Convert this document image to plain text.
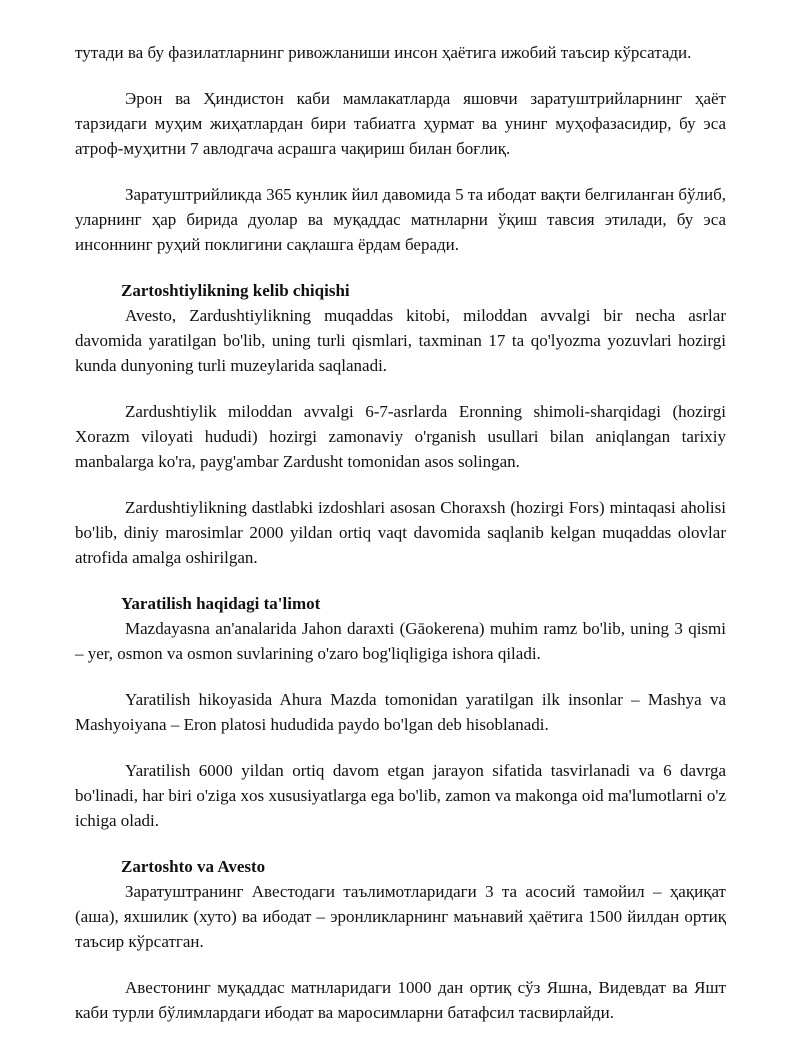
тутади ва бу фазилатларнинг ривожланиши инсон ҳаётига ижобий таъсир кўрсатади.

Эрон ва Ҳиндистон каби мамлакатларда яшовчи заратуштрийларнинг ҳаёт тарзидаги муҳим жиҳатлардан бири табиатга ҳурмат ва унинг муҳофазасидир, бу эса атроф-муҳитни 7 авлодгача асрашга чақириш билан боғлиқ.

Заратуштрийликда 365 кунлик йил давомида 5 та ибодат вақти белгиланган бўлиб, уларнинг ҳар бирида дуолар ва муқаддас матнларни ўқиш тавсия этилади, бу эса инсоннинг руҳий поклигини сақлашга ёрдам беради.

Zartoshtiylikning kelib chiqishi

Avesto, Zardushtiylikning muqaddas kitobi, miloddan avvalgi bir necha asrlar davomida yaratilgan bo'lib, uning turli qismlari, taxminan 17 ta qo'lyozma yozuvlari hozirgi kunda dunyoning turli muzeylarida saqlanadi.

Zardushtiylik miloddan avvalgi 6-7-asrlarda Eronning shimoli-sharqidagi (hozirgi Xorazm viloyati hududi) hozirgi zamonaviy o'rganish usullari bilan aniqlangan tarixiy manbalarga ko'ra, payg'ambar Zardusht tomonidan asos solingan.

Zardushtiylikning dastlabki izdoshlari asosan Choraxsh (hozirgi Fors) mintaqasi aholisi bo'lib, diniy marosimlar 2000 yildan ortiq vaqt davomida saqlanib kelgan muqaddas olovlar atrofida amalga oshirilgan.

Yaratilish haqidagi ta'limot

Mazdayasna an'analarida Jahon daraxti (Gāokerena) muhim ramz bo'lib, uning 3 qismi – yer, osmon va osmon suvlarining o'zaro bog'liqligiga ishora qiladi.

Yaratilish hikoyasida Ahura Mazda tomonidan yaratilgan ilk insonlar – Mashya va Mashyoiyana – Eron platosi hududida paydo bo'lgan deb hisoblanadi.

Yaratilish 6000 yildan ortiq davom etgan jarayon sifatida tasvirlanadi va 6 davrga bo'linadi, har biri o'ziga xos xususiyatlarga ega bo'lib, zamon va makonga oid ma'lumotlarni o'z ichiga oladi.

Zartoshto va Avesto

Заратуштранинг Авестодаги таълимотларидаги 3 та асосий тамойил – ҳақиқат (аша), яхшилик (хуто) ва ибодат – эронликларнинг маънавий ҳаётига 1500 йилдан ортиқ таъсир кўрсатган.

Авестонинг муқаддас матнларидаги 1000 дан ортиқ сўз Яшна, Видевдат ва Яшт каби турли бўлимлардаги ибодат ва маросимларни батафсил тасвирлайди.
